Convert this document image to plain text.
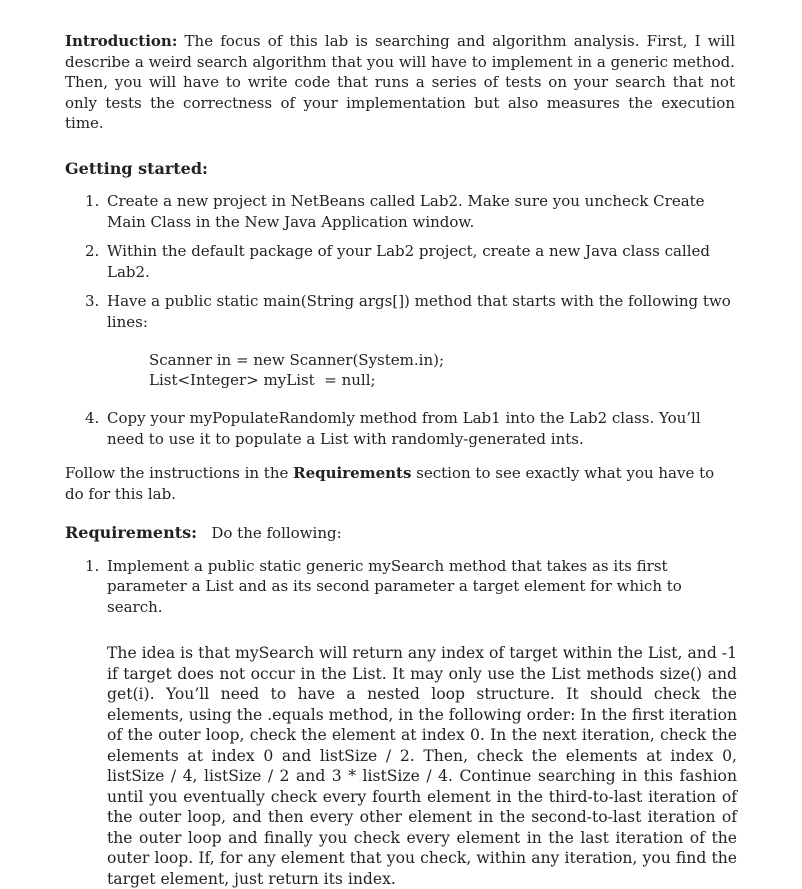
Introduction: The focus of this lab is searching and algorithm analysis. First, I will describe a weird search algorithm that you will have to implement in a generic method. Then, you will have to write code that runs a series of tests on your search that not only tests the correctness of your implementation but also measures the execution time.

Getting started:

1. Create a new project in NetBeans called Lab2. Make sure you uncheck Create Main Class in the New Java Application window.
2. Within the default package of your Lab2 project, create a new Java class called Lab2.
3. Have a public static main(String args[]) method that starts with the following two lines:
Scanner in = new Scanner(System.in);
List<Integer> myList  = null;
4. Copy your myPopulateRandomly method from Lab1 into the Lab2 class. You’ll need to use it to populate a List with randomly-generated ints.

Follow the instructions in the Requirements section to see exactly what you have to do for this lab.

Requirements: Do the following:

1. Implement a public static generic mySearch method that takes as its first parameter a List and as its second parameter a target element for which to search.

The idea is that mySearch will return any index of target within the List, and -1 if target does not occur in the List. It may only use the List methods size() and get(i). You’ll need to have a nested loop structure. It should check the elements, using the .equals method, in the following order: In the first iteration of the outer loop, check the element at index 0. In the next iteration, check the elements at index 0 and listSize / 2. Then, check the elements at index 0, listSize / 4, listSize / 2 and 3 * listSize / 4. Continue searching in this fashion until you eventually check every fourth element in the third-to-last iteration of the outer loop, and then every other element in the second-to-last iteration of the outer loop and finally you check every element in the last iteration of the outer loop. If, for any element that you check, within any iteration, you find the target element, just return its index.
